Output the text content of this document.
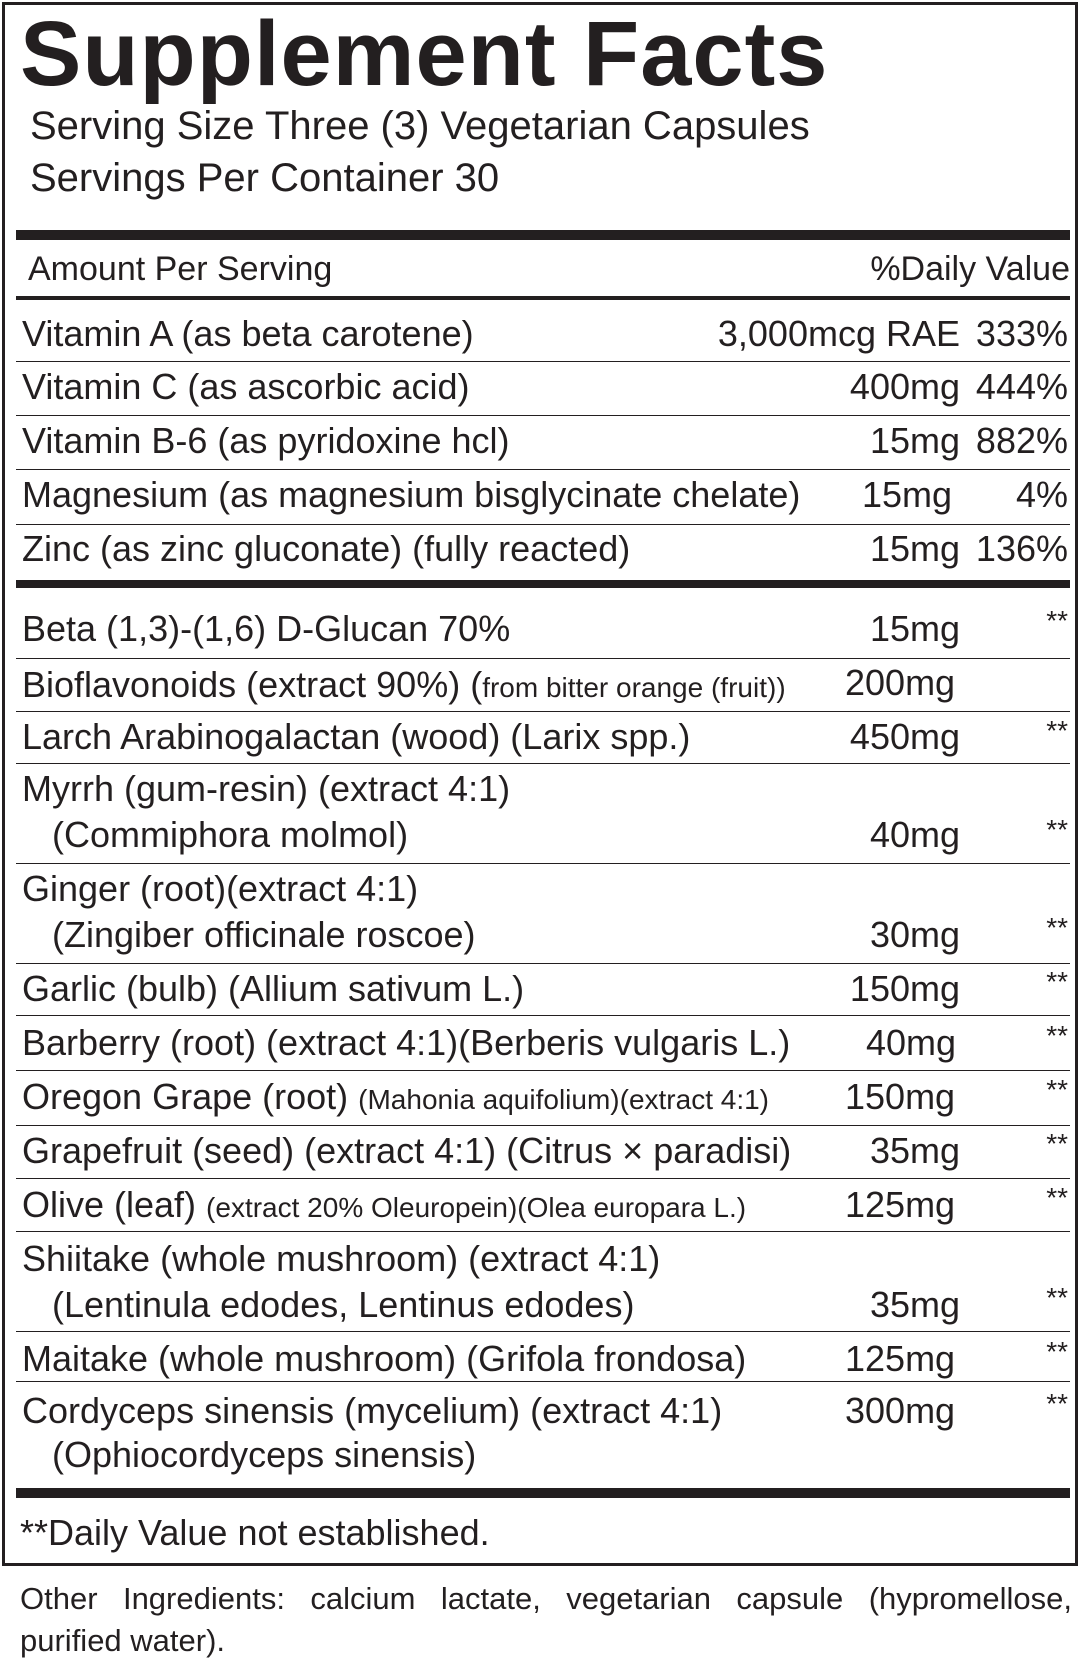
Supplement Facts
Serving Size Three (3) Vegetarian Capsules
Servings Per Container 30
Amount Per Serving	%Daily Value
Vitamin A (as beta carotene)	3,000mcg RAE 333%
Vitamin C (as ascorbic acid)	400mg 444%
Vitamin B-6 (as pyridoxine hcl)	15mg 882%
Magnesium (as magnesium bisglycinate chelate) 15mg 4%
Zinc (as zinc gluconate) (fully reacted)	15mg 136%
Beta (1,3)-(1,6) D-Glucan 70%	15mg	**
Bioflavonoids (extract 90%) (from bitter orange (fruit)) 200mg
Larch Arabinogalactan (wood) (Larix spp.)	450mg	**
Myrrh (gum-resin) (extract 4:1)
(Commiphora molmol)	40mg	**
Ginger (root)(extract 4:1)
(Zingiber officinale roscoe)	30mg	**
Garlic (bulb) (Allium sativum L.)	150mg	**
Barberry (root) (extract 4:1)(Berberis vulgaris L.) 40mg	**
Oregon Grape (root) (Mahonia aquifolium)(extract 4:1) 150mg	**
Grapefruit (seed) (extract 4:1) (Citrus × paradisi) 35mg	**
Olive (leaf) (extract 20% Oleuropein)(Olea europara L.)	125mg	**
Shiitake (whole mushroom) (extract 4:1)
(Lentinula edodes, Lentinus edodes)	35mg	**
Maitake (whole mushroom) (Grifola frondosa)	125mg	**
Cordyceps sinensis (mycelium) (extract 4:1)
(Ophiocordyceps sinensis)
300mg	**
**Daily Value not established.
Other Ingredients: calcium lactate, vegetarian capsule (hypromellose, purified water).
